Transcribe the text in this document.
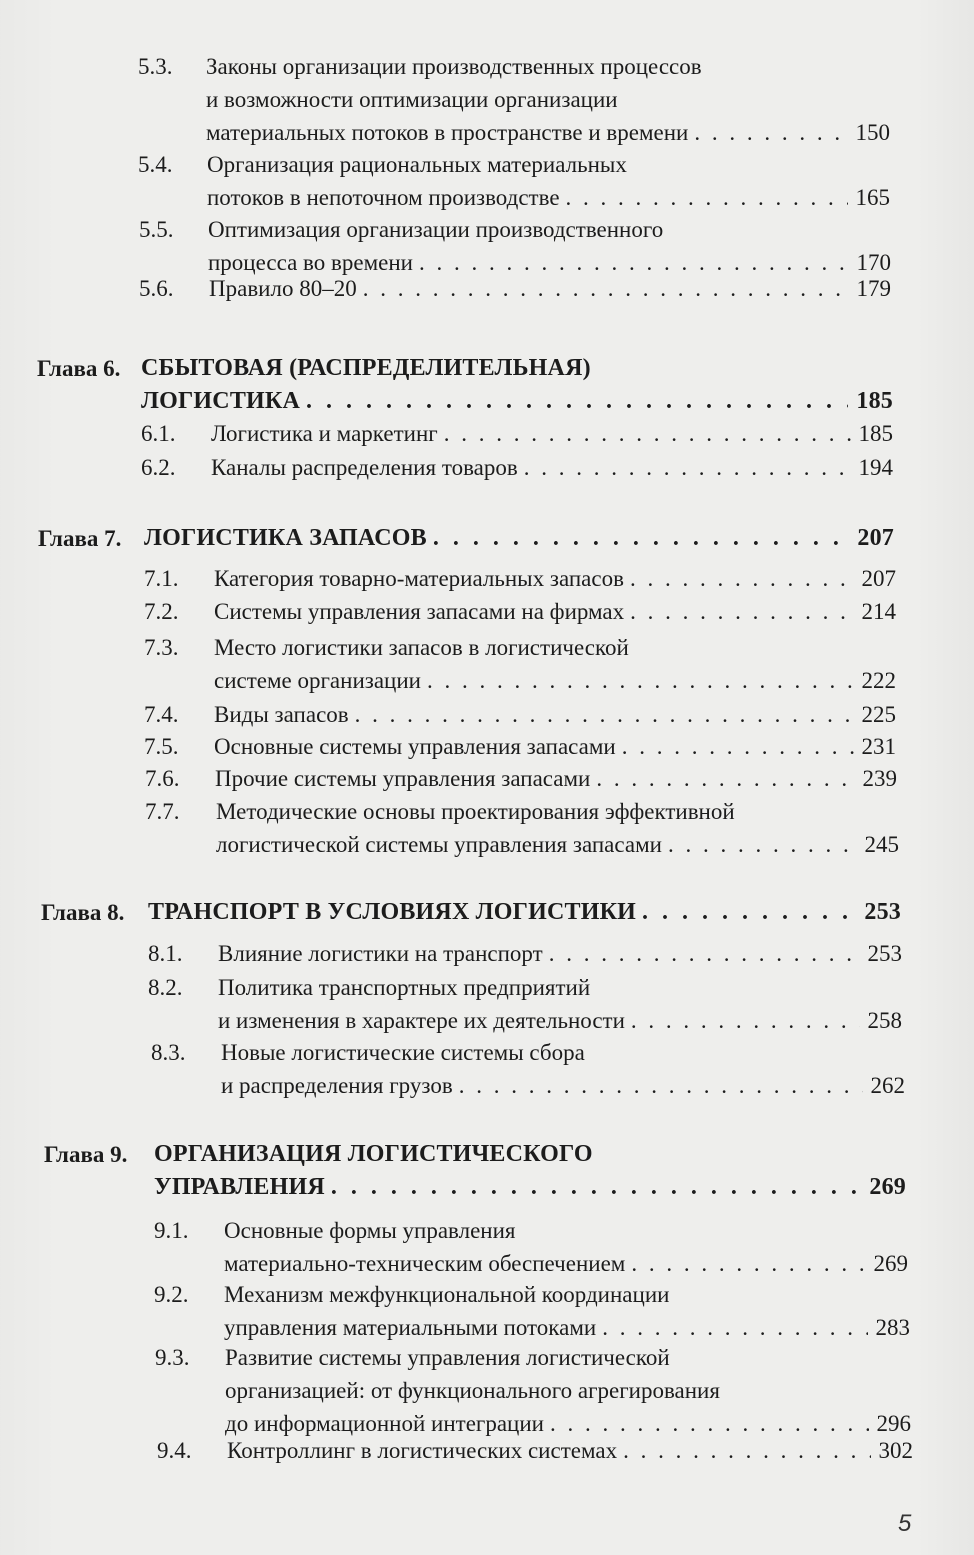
5.3. Законы организации производственных процессов
и возможности оптимизации организации
материальных потоков в пространстве и времени . . .	150
5.4. Организация рациональных материальных
потоков в непоточном производстве . . .	165
5.5. Оптимизация организации производственного
процесса во времени . . .	170
5.6. Правило 80–20 . . .	179
Глава 6. СБЫТОВАЯ (РАСПРЕДЕЛИТЕЛЬНАЯ)
ЛОГИСТИКА . . .	185
6.1. Логистика и маркетинг . . .	185
6.2. Каналы распределения товаров . . .	194
Глава 7. ЛОГИСТИКА ЗАПАСОВ . . .	207
7.1. Категория товарно-материальных запасов . . .	207
7.2. Системы управления запасами на фирмах . . .	214
7.3. Место логистики запасов в логистической
системе организации . . .	222
7.4. Виды запасов . . .	225
7.5. Основные системы управления запасами . . .	231
7.6. Прочие системы управления запасами . . .	239
7.7. Методические основы проектирования эффективной
логистической системы управления запасами . . .	245
Глава 8. ТРАНСПОРТ В УСЛОВИЯХ ЛОГИСТИКИ . . .	253
8.1. Влияние логистики на транспорт . . .	253
8.2. Политика транспортных предприятий
и изменения в характере их деятельности . . .	258
8.3. Новые логистические системы сбора
и распределения грузов . . .	262
Глава 9. ОРГАНИЗАЦИЯ ЛОГИСТИЧЕСКОГО
УПРАВЛЕНИЯ . . .	269
9.1. Основные формы управления
материально-техническим обеспечением . . .	269
9.2. Механизм межфункциональной координации
управления материальными потоками . . .	283
9.3. Развитие системы управления логистической
организацией: от функционального агрегирования
до информационной интеграции . . .	296
9.4. Контроллинг в логистических системах . . .	302
5
